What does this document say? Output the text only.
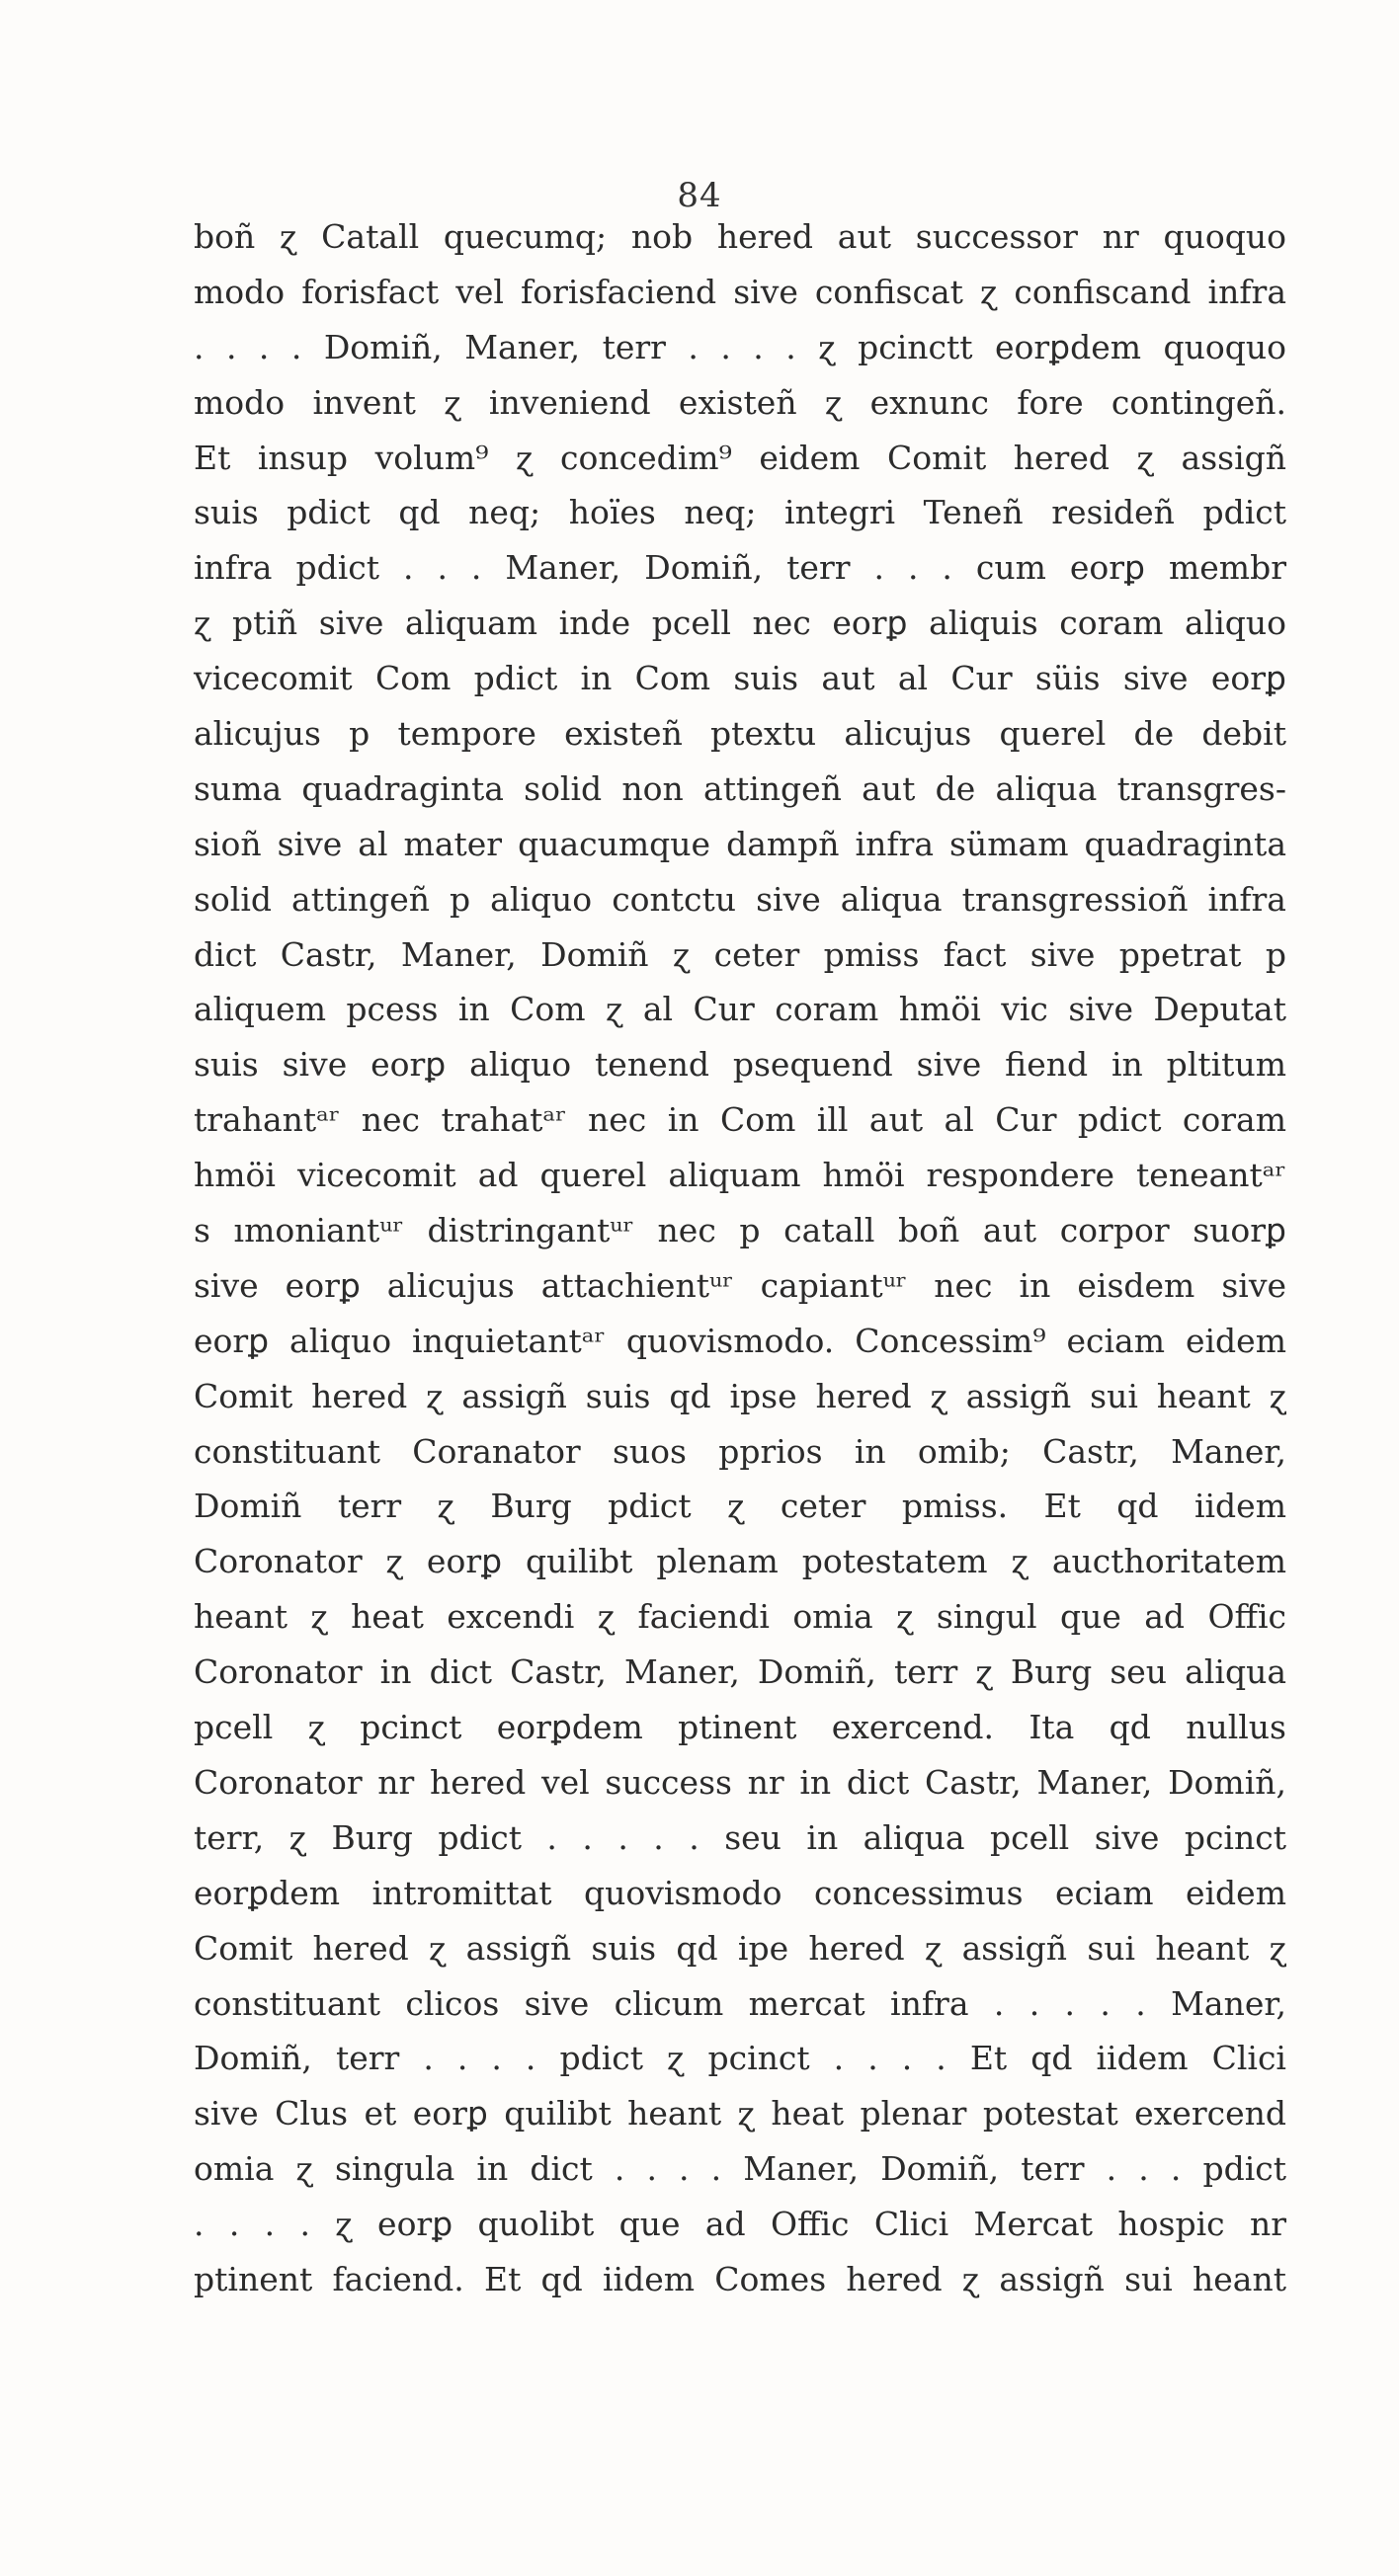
84
boñ ɀ Catall quecumq; nob hered aut successor nr quoquo
modo forisfact vel forisfaciend sive confiscat ɀ confiscand infra
. . . . Domiñ, Maner, terr . . . . ɀ pcinctt eorꝑdem quoquo
modo invent ɀ inveniend existeñ ɀ exnunc fore contingeñ.
Et insup volum⁹ ɀ concedim⁹ eidem Comit hered ɀ assigñ
suis pdict qd neq; hoïes neq; integri Teneñ resideñ pdict
infra pdict . . . Maner, Domiñ, terr . . . cum eorꝑ membr
ɀ ptiñ sive aliquam inde pcell nec eorꝑ aliquis coram aliquo
vicecomit Com pdict in Com suis aut al Cur süis sive eorꝑ
alicujus p tempore existeñ ptextu alicujus querel de debit
suma quadraginta solid non attingeñ aut de aliqua transgres-
sioñ sive al mater quacumque dampñ infra sümam quadraginta
solid attingeñ p aliquo contctu sive aliqua transgressioñ infra
dict Castr, Maner, Domiñ ɀ ceter pmiss fact sive ppetrat p
aliquem pcess in Com ɀ al Cur coram hmöi vic sive Deputat
suis sive eorꝑ aliquo tenend psequend sive fiend in pltitum
trahantᵃʳ nec trahatᵃʳ nec in Com ill aut al Cur pdict coram
hmöi vicecomit ad querel aliquam hmöi respondere teneantᵃʳ
s ımoniantᵘʳ distringantᵘʳ nec p catall boñ aut corpor suorꝑ
sive eorꝑ alicujus attachientᵘʳ capiantᵘʳ nec in eisdem sive
eorꝑ aliquo inquietantᵃʳ quovismodo. Concessim⁹ eciam eidem
Comit hered ɀ assigñ suis qd ipse hered ɀ assigñ sui heant ɀ
constituant Coranator suos pprios in omib; Castr, Maner,
Domiñ terr ɀ Burg pdict ɀ ceter pmiss. Et qd iidem
Coronator ɀ eorꝑ quilibt plenam potestatem ɀ aucthoritatem
heant ɀ heat excendi ɀ faciendi omia ɀ singul que ad Offic
Coronator in dict Castr, Maner, Domiñ, terr ɀ Burg seu aliqua
pcell ɀ pcinct eorꝑdem ptinent exercend. Ita qd nullus
Coronator nr hered vel success nr in dict Castr, Maner, Domiñ,
terr, ɀ Burg pdict . . . . . seu in aliqua pcell sive pcinct
eorꝑdem intromittat quovismodo concessimus eciam eidem
Comit hered ɀ assigñ suis qd ipe hered ɀ assigñ sui heant ɀ
constituant clicos sive clicum mercat infra . . . . . Maner,
Domiñ, terr . . . . pdict ɀ pcinct . . . . Et qd iidem Clici
sive Clus et eorꝑ quilibt heant ɀ heat plenar potestat exercend
omia ɀ singula in dict . . . . Maner, Domiñ, terr . . . pdict
. . . . ɀ eorꝑ quolibt que ad Offic Clici Mercat hospic nr
ptinent faciend. Et qd iidem Comes hered ɀ assigñ sui heant
